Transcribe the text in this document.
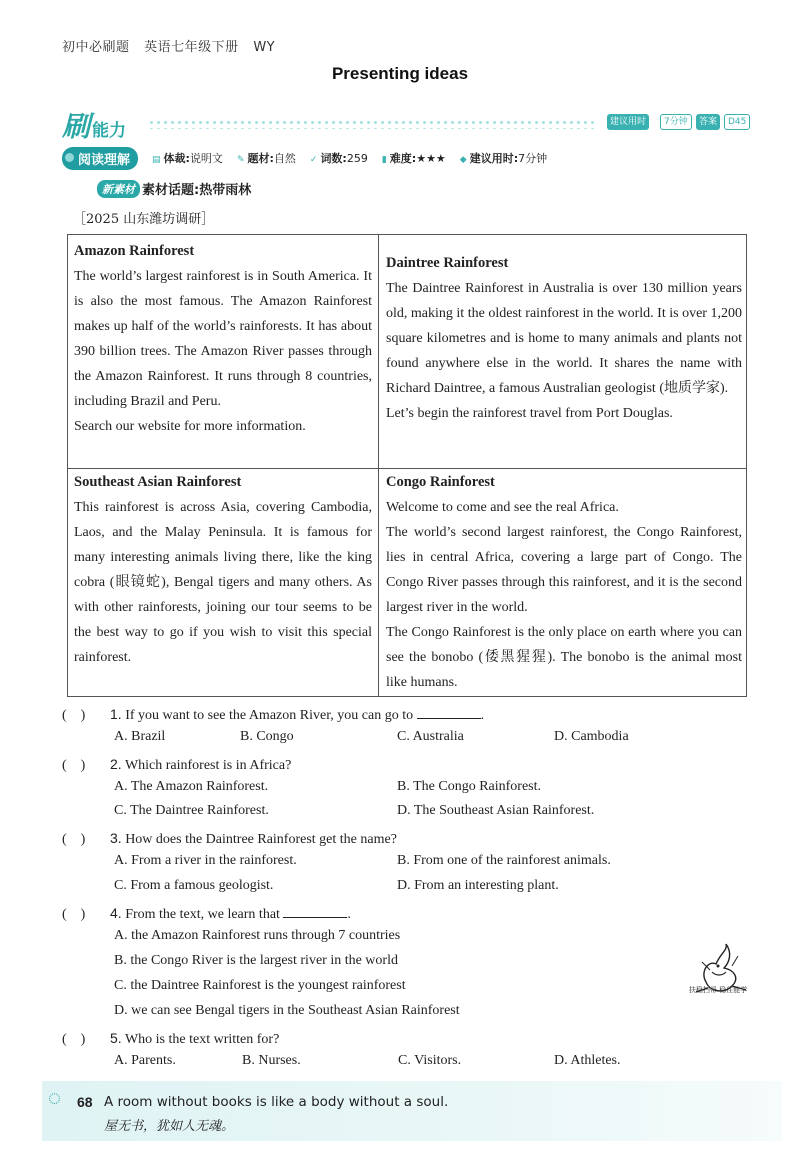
初中必刷题 英语七年级下册 WY
Presenting ideas
刷能力	建议用时	7分钟	答案	D45
阅读理解	▤ 体裁:说明文 ✎ 题材:自然 ✓ 词数:259 ▮ 难度:★★★ ◆ 建议用时:7分钟
新素材 素材话题:热带雨林
［2025 山东潍坊调研］
Amazon Rainforest
The world’s largest rainforest is in South America. It is also the most famous. The Amazon Rainforest makes up half of the world’s rainforests. It has about 390 billion trees. The Amazon River passes through the Amazon Rainforest. It runs through 8 countries, including Brazil and Peru.
Search our website for more information.
Daintree Rainforest
The Daintree Rainforest in Australia is over 130 million years old, making it the oldest rainforest in the world. It is over 1,200 square kilometres and is home to many animals and plants not found anywhere else in the world. It shares the name with Richard Daintree, a famous Australian geologist (地质学家).
Let’s begin the rainforest travel from Port Douglas.
Southeast Asian Rainforest
This rainforest is across Asia, covering Cambodia, Laos, and the Malay Peninsula. It is famous for many interesting animals living there, like the king cobra (眼镜蛇), Bengal tigers and many others. As with other rainforests, joining our tour seems to be the best way to go if you wish to visit this special rainforest.
Congo Rainforest
Welcome to come and see the real Africa.
The world’s second largest rainforest, the Congo Rainforest, lies in central Africa, covering a large part of Congo. The Congo River passes through this rainforest, and it is the second largest river in the world.
The Congo Rainforest is the only place on earth where you can see the bonobo (倭黑猩猩). The bonobo is the animal most like humans.
(　) 1. If you want to see the Amazon River, you can go to	.
A. Brazil	B. Congo	C. Australia	D. Cambodia
(　) 2. Which rainforest is in Africa?
A. The Amazon Rainforest.	B. The Congo Rainforest.
C. The Daintree Rainforest.	D. The Southeast Asian Rainforest.
(　) 3. How does the Daintree Rainforest get the name?
A. From a river in the rainforest.	B. From one of the rainforest animals.
C. From a famous geologist.	D. From an interesting plant.
(　) 4. From the text, we learn that	.
A. the Amazon Rainforest runs through 7 countries
B. the Congo River is the largest river in the world
C. the Daintree Rainforest is the youngest rainforest
D. we can see Bengal tigers in the Southeast Asian Rainforest
(　) 5. Who is the text written for?
A. Parents.	B. Nurses.	C. Visitors.	D. Athletes.
扶稳扫帚 稳住能学
◌ 68 A room without books is like a body without a soul.
屋无书，犹如人无魂。
